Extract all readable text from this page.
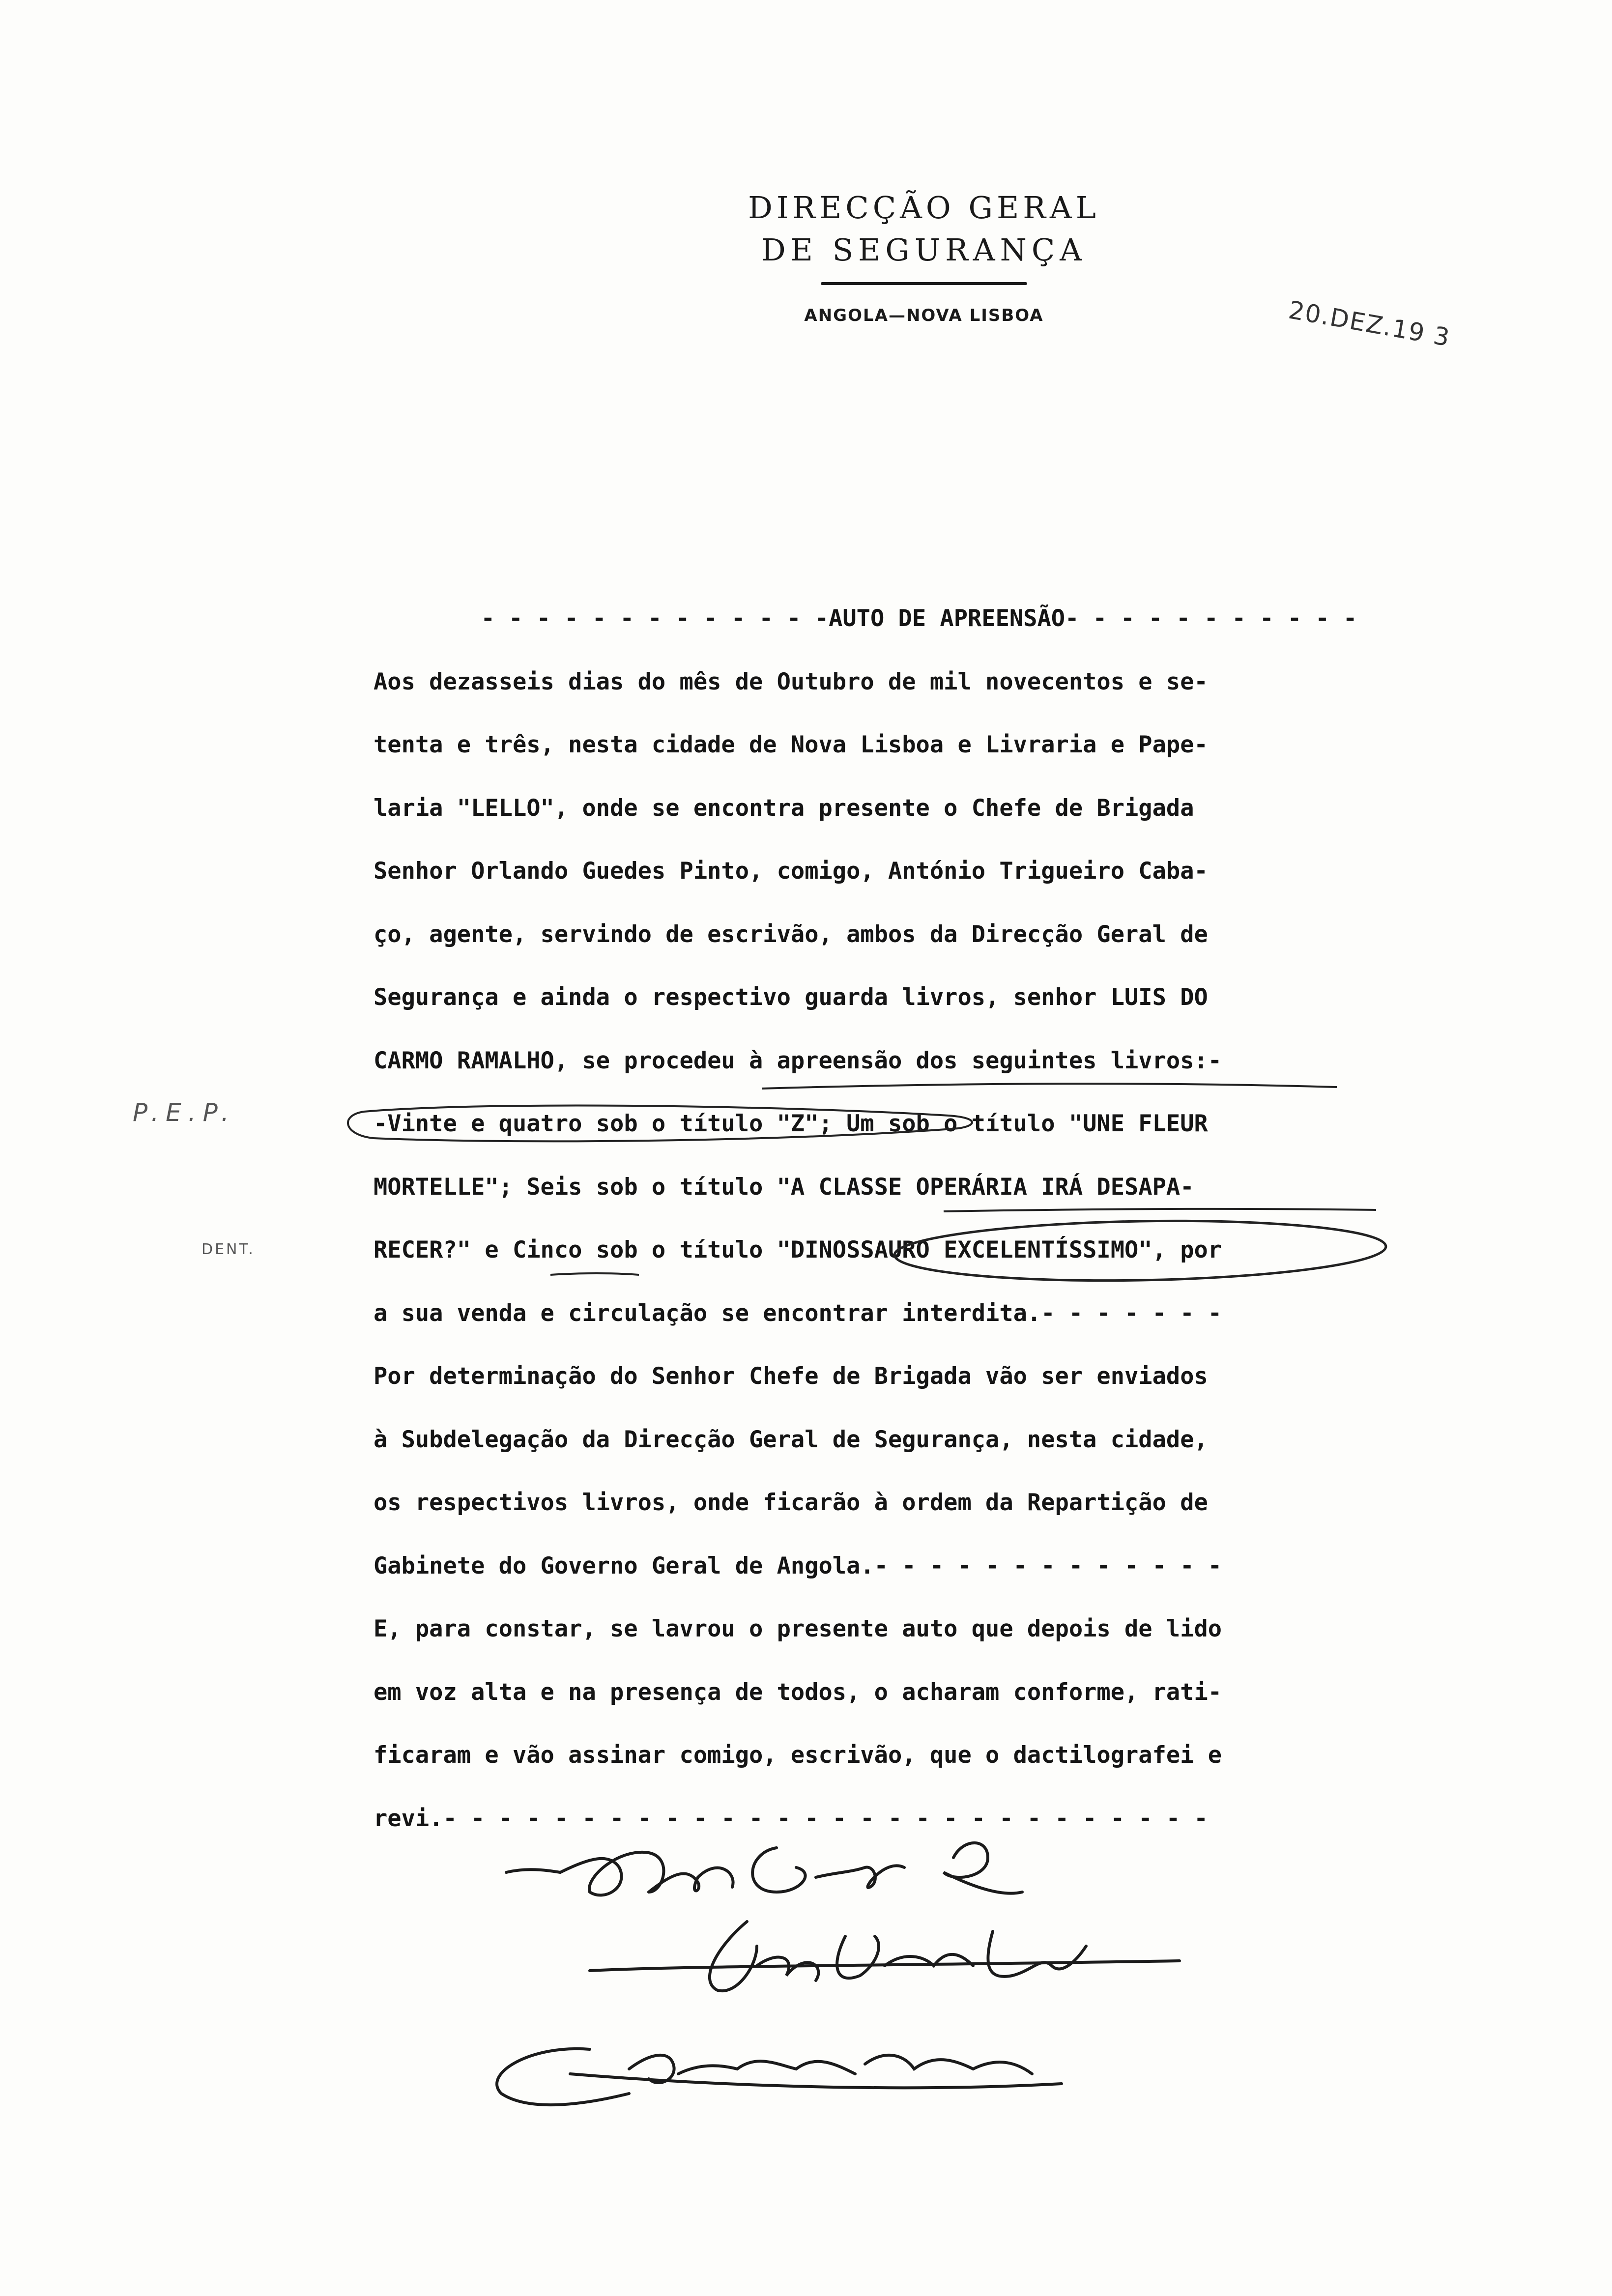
DIRECÇÃO GERAL
DE SEGURANÇA
ANGOLA—NOVA LISBOA	20.DEZ.19 3
P.E.P.
DENT.
- - - - - - - - - - - - -AUTO DE APREENSÃO- - - - - - - - - - -
Aos dezasseis dias do mês de Outubro de mil novecentos e se-
tenta e três, nesta cidade de Nova Lisboa e Livraria e Pape-
laria "LELLO", onde se encontra presente o Chefe de Brigada
Senhor Orlando Guedes Pinto, comigo, António Trigueiro Caba-
ço, agente, servindo de escrivão, ambos da Direcção Geral de
Segurança e ainda o respectivo guarda livros, senhor LUIS DO
CARMO RAMALHO, se procedeu à apreensão dos seguintes livros:-
-Vinte e quatro sob o título "Z"; Um sob o título "UNE FLEUR
MORTELLE"; Seis sob o título "A CLASSE OPERÁRIA IRÁ DESAPA-
RECER?" e Cinco sob o título "DINOSSAURO EXCELENTÍSSIMO", por
a sua venda e circulação se encontrar interdita.- - - - - - -
Por determinação do Senhor Chefe de Brigada vão ser enviados
à Subdelegação da Direcção Geral de Segurança, nesta cidade,
os respectivos livros, onde ficarão à ordem da Repartição de
Gabinete do Governo Geral de Angola.- - - - - - - - - - - - -
E, para constar, se lavrou o presente auto que depois de lido
em voz alta e na presença de todos, o acharam conforme, rati-
ficaram e vão assinar comigo, escrivão, que o dactilografei e
revi.- - - - - - - - - - - - - - - - - - - - - - - - - - - -
